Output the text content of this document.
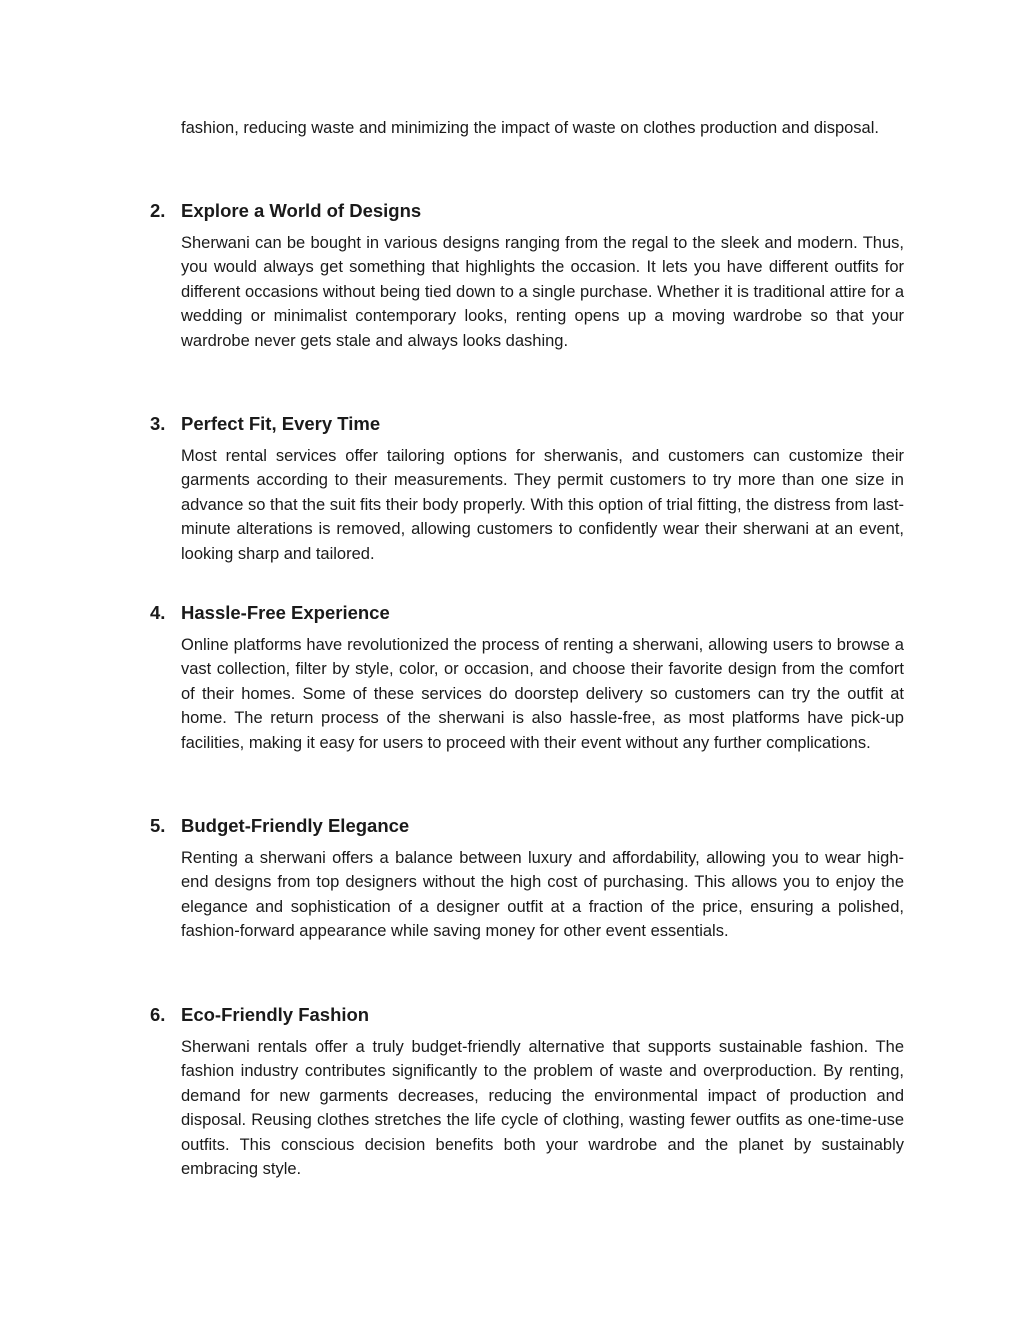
fashion, reducing waste and minimizing the impact of waste on clothes production and disposal.

2. Explore a World of Designs

Sherwani can be bought in various designs ranging from the regal to the sleek and modern. Thus, you would always get something that highlights the occasion. It lets you have different outfits for different occasions without being tied down to a single purchase. Whether it is traditional attire for a wedding or minimalist contemporary looks, renting opens up a moving wardrobe so that your wardrobe never gets stale and always looks dashing.

3. Perfect Fit, Every Time

Most rental services offer tailoring options for sherwanis, and customers can customize their garments according to their measurements. They permit customers to try more than one size in advance so that the suit fits their body properly. With this option of trial fitting, the distress from last-minute alterations is removed, allowing customers to confidently wear their sherwani at an event, looking sharp and tailored.

4. Hassle-Free Experience

Online platforms have revolutionized the process of renting a sherwani, allowing users to browse a vast collection, filter by style, color, or occasion, and choose their favorite design from the comfort of their homes. Some of these services do doorstep delivery so customers can try the outfit at home. The return process of the sherwani is also hassle-free, as most platforms have pick-up facilities, making it easy for users to proceed with their event without any further complications.

5. Budget-Friendly Elegance

Renting a sherwani offers a balance between luxury and affordability, allowing you to wear high-end designs from top designers without the high cost of purchasing. This allows you to enjoy the elegance and sophistication of a designer outfit at a fraction of the price, ensuring a polished, fashion-forward appearance while saving money for other event essentials.

6. Eco-Friendly Fashion

Sherwani rentals offer a truly budget-friendly alternative that supports sustainable fashion. The fashion industry contributes significantly to the problem of waste and overproduction. By renting, demand for new garments decreases, reducing the environmental impact of production and disposal. Reusing clothes stretches the life cycle of clothing, wasting fewer outfits as one-time-use outfits. This conscious decision benefits both your wardrobe and the planet by sustainably embracing style.
